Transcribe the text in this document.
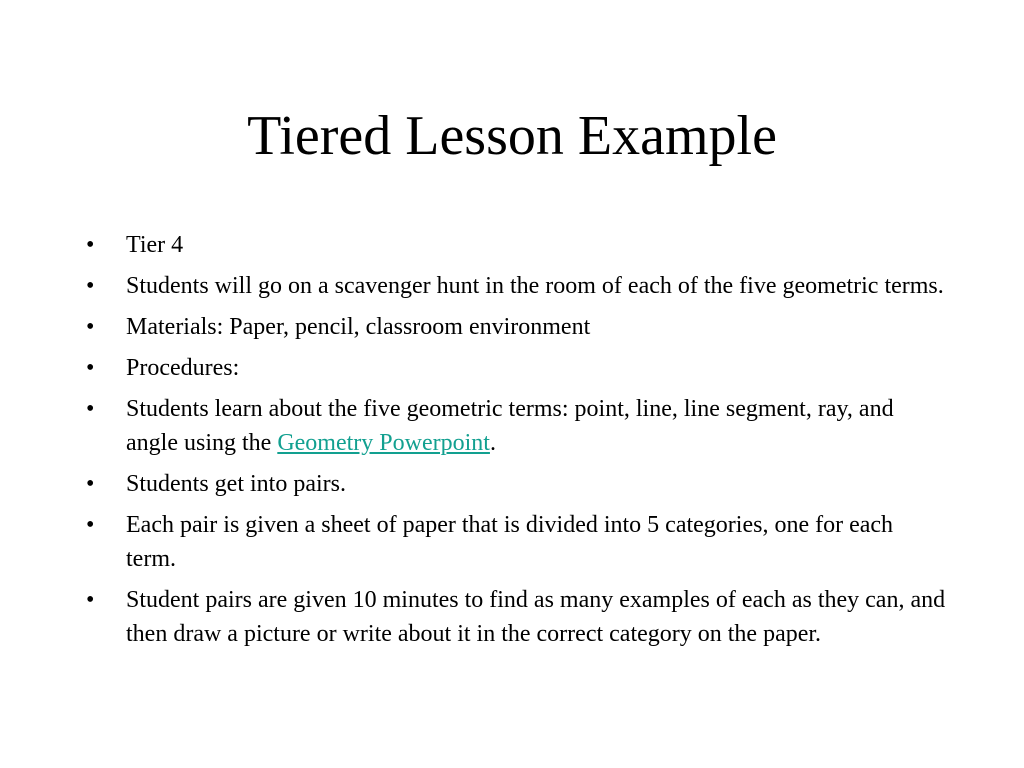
Tiered Lesson Example
•	Tier 4
•	Students will go on a scavenger hunt in the room of each of the five geometric terms.
•	Materials: Paper, pencil, classroom environment
•	Procedures:
•	Students learn about the five geometric terms: point, line, line segment, ray, and angle using the Geometry Powerpoint.
•	Students get into pairs.
•	Each pair is given a sheet of paper that is divided into 5 categories, one for each term.
•	Student pairs are given 10 minutes to find as many examples of each as they can, and then draw a picture or write about it in the correct category on the paper.
